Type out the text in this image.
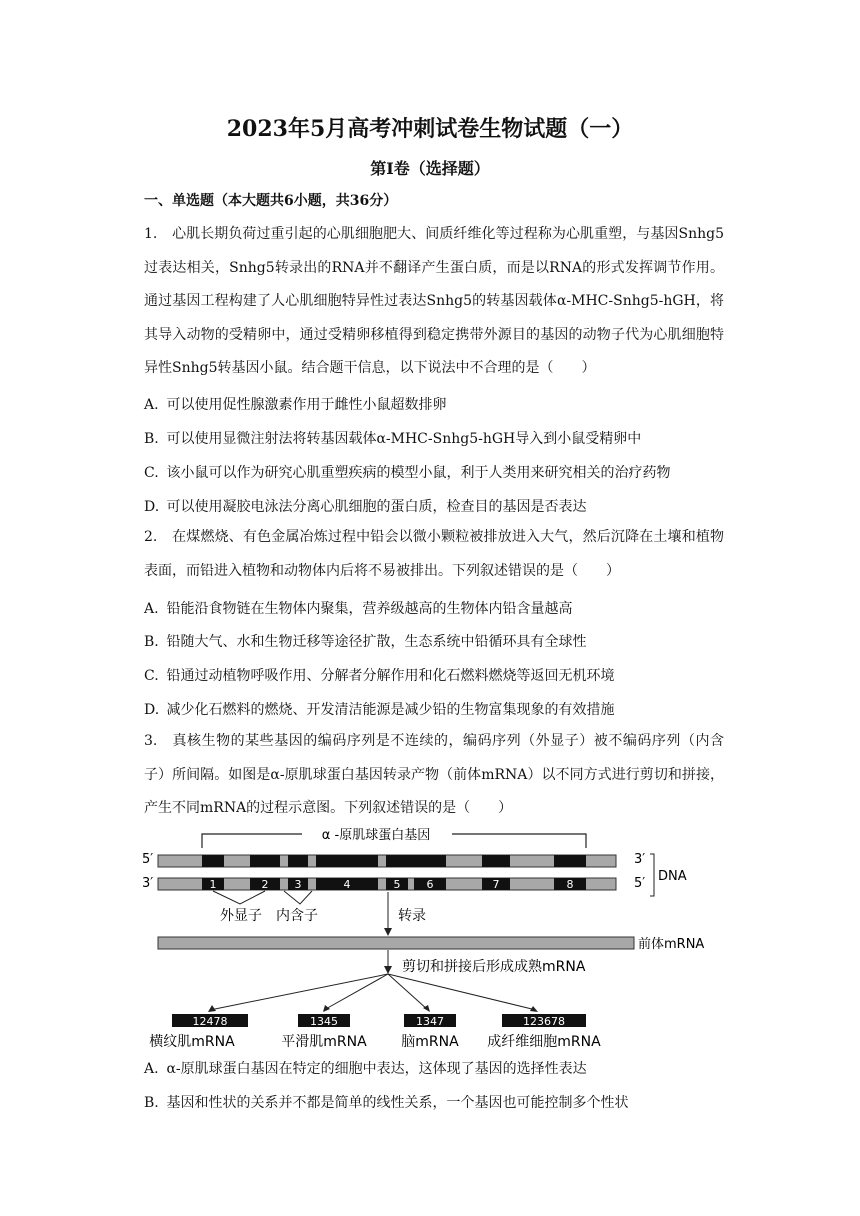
2023年5月高考冲刺试卷生物试题（一）
第I卷（选择题）
一、单选题（本大题共6小题，共36分）
1. 心肌长期负荷过重引起的心肌细胞肥大、间质纤维化等过程称为心肌重塑，与基因Snhg5过表达相关，Snhg5转录出的RNA并不翻译产生蛋白质，而是以RNA的形式发挥调节作用。通过基因工程构建了人心肌细胞特异性过表达Snhg5的转基因载体α-MHC-Snhg5-hGH，将其导入动物的受精卵中，通过受精卵移植得到稳定携带外源目的基因的动物子代为心肌细胞特异性Snhg5转基因小鼠。结合题干信息，以下说法中不合理的是（　　）
A. 可以使用促性腺激素作用于雌性小鼠超数排卵
B. 可以使用显微注射法将转基因载体α-MHC-Snhg5-hGH导入到小鼠受精卵中
C. 该小鼠可以作为研究心肌重塑疾病的模型小鼠，利于人类用来研究相关的治疗药物
D. 可以使用凝胶电泳法分离心肌细胞的蛋白质，检查目的基因是否表达
2. 在煤燃烧、有色金属冶炼过程中铅会以微小颗粒被排放进入大气，然后沉降在土壤和植物表面，而铅进入植物和动物体内后将不易被排出。下列叙述错误的是（　　）
A. 铅能沿食物链在生物体内聚集，营养级越高的生物体内铅含量越高
B. 铅随大气、水和生物迁移等途径扩散，生态系统中铅循环具有全球性
C. 铅通过动植物呼吸作用、分解者分解作用和化石燃料燃烧等返回无机环境
D. 减少化石燃料的燃烧、开发清洁能源是减少铅的生物富集现象的有效措施
3. 真核生物的某些基因的编码序列是不连续的，编码序列（外显子）被不编码序列（内含子）所间隔。如图是α-原肌球蛋白基因转录产物（前体mRNA）以不同方式进行剪切和拼接，产生不同mRNA的过程示意图。下列叙述错误的是（　　）
α -原肌球蛋白基因
5′
3′
3′
5′ DNA
1	2 3	4	5 6	7	8
外显子 内含子	转录
前体mRNA
剪切和拼接后形成成熟mRNA
12478
横纹肌mRNA
1345
平滑肌mRNA
1347
脑mRNA
123678
成纤维细胞mRNA
A. α-原肌球蛋白基因在特定的细胞中表达，这体现了基因的选择性表达
B. 基因和性状的关系并不都是简单的线性关系，一个基因也可能控制多个性状
